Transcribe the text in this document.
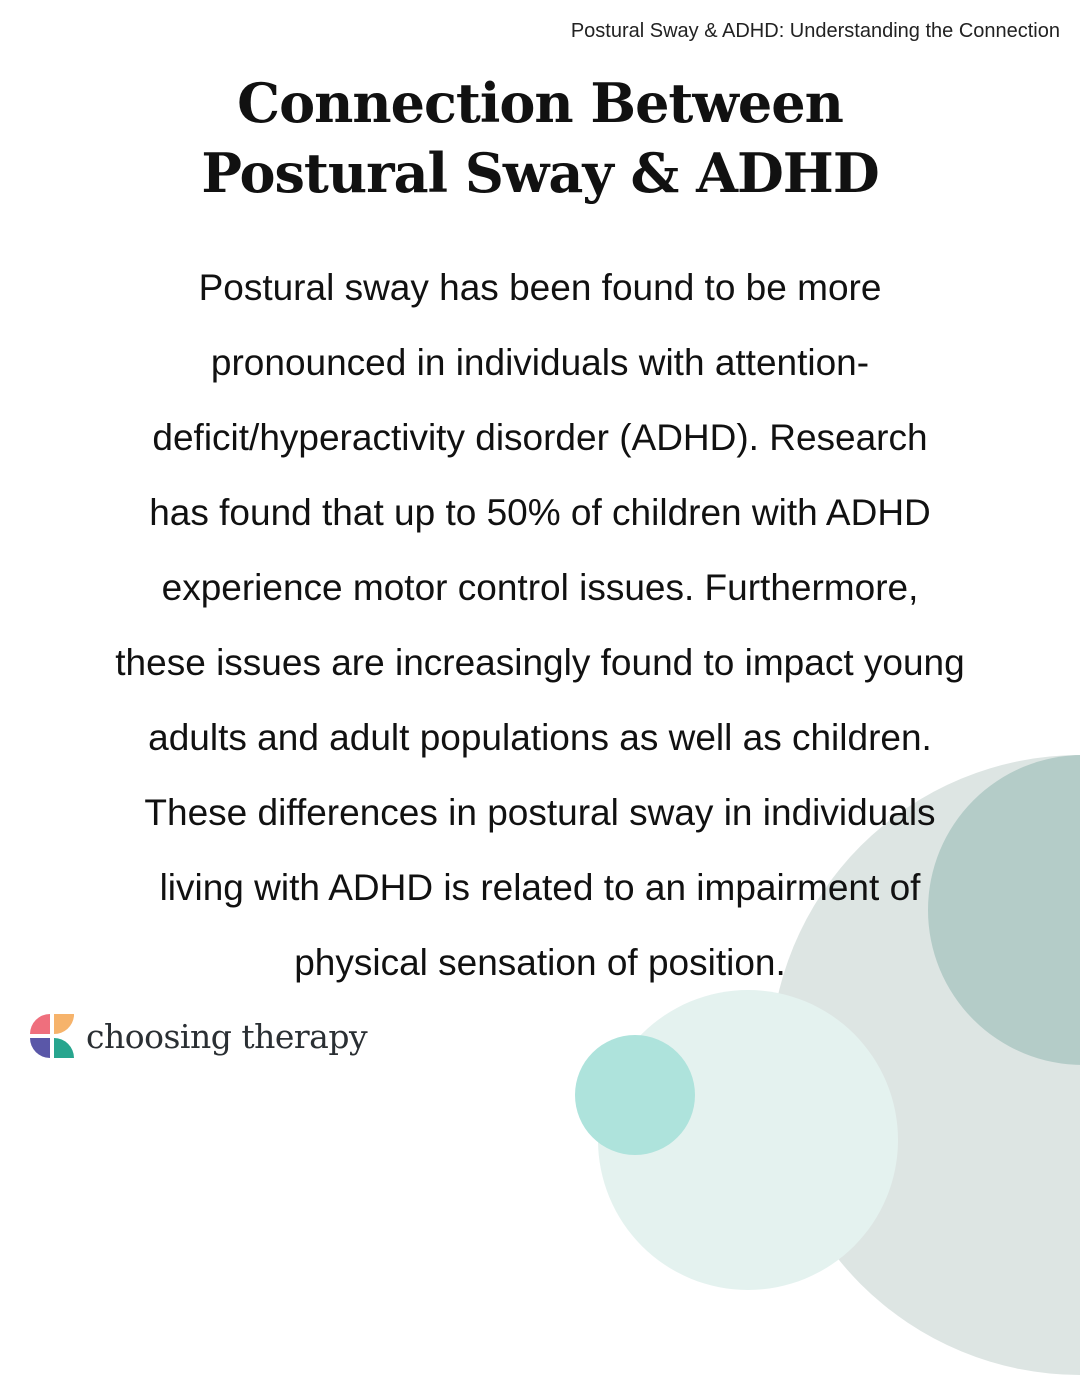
Postural Sway & ADHD: Understanding the Connection
Connection Between
Postural Sway & ADHD
Postural sway has been found to be more
pronounced in individuals with attention-
deficit/hyperactivity disorder (ADHD). Research
has found that up to 50% of children with ADHD
experience motor control issues. Furthermore,
these issues are increasingly found to impact young
adults and adult populations as well as children.
These differences in postural sway in individuals
living with ADHD is related to an impairment of
physical sensation of position.
choosing therapy
